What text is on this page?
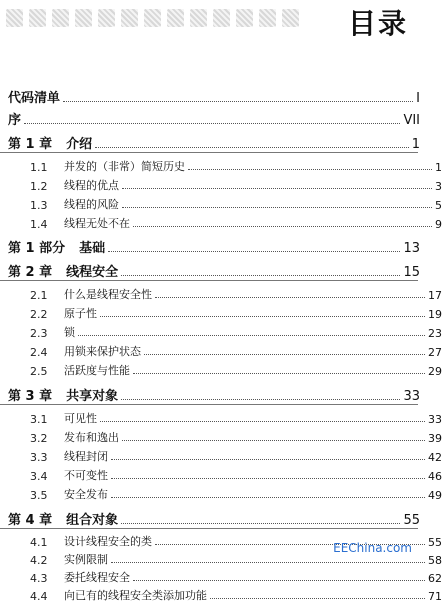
目录
代码清单	I
序	VII
第 1 章 介绍	1
1.1	并发的（非常）简短历史	1
1.2	线程的优点	3
1.3	线程的风险	5
1.4	线程无处不在	9
第 1 部分 基础	13
第 2 章 线程安全	15
2.1	什么是线程安全性	17
2.2	原子性	19
2.3	锁	23
2.4	用锁来保护状态	27
2.5	活跃度与性能	29
第 3 章 共享对象	33
3.1	可见性	33
3.2	发布和逸出	39
3.3	线程封闭	42
3.4	不可变性	46
3.5	安全发布	49
第 4 章 组合对象	55
4.1	设计线程安全的类	55
4.2	实例限制	58
4.3	委托线程安全	62
4.4	向已有的线程安全类添加功能	71
EEChina.com
